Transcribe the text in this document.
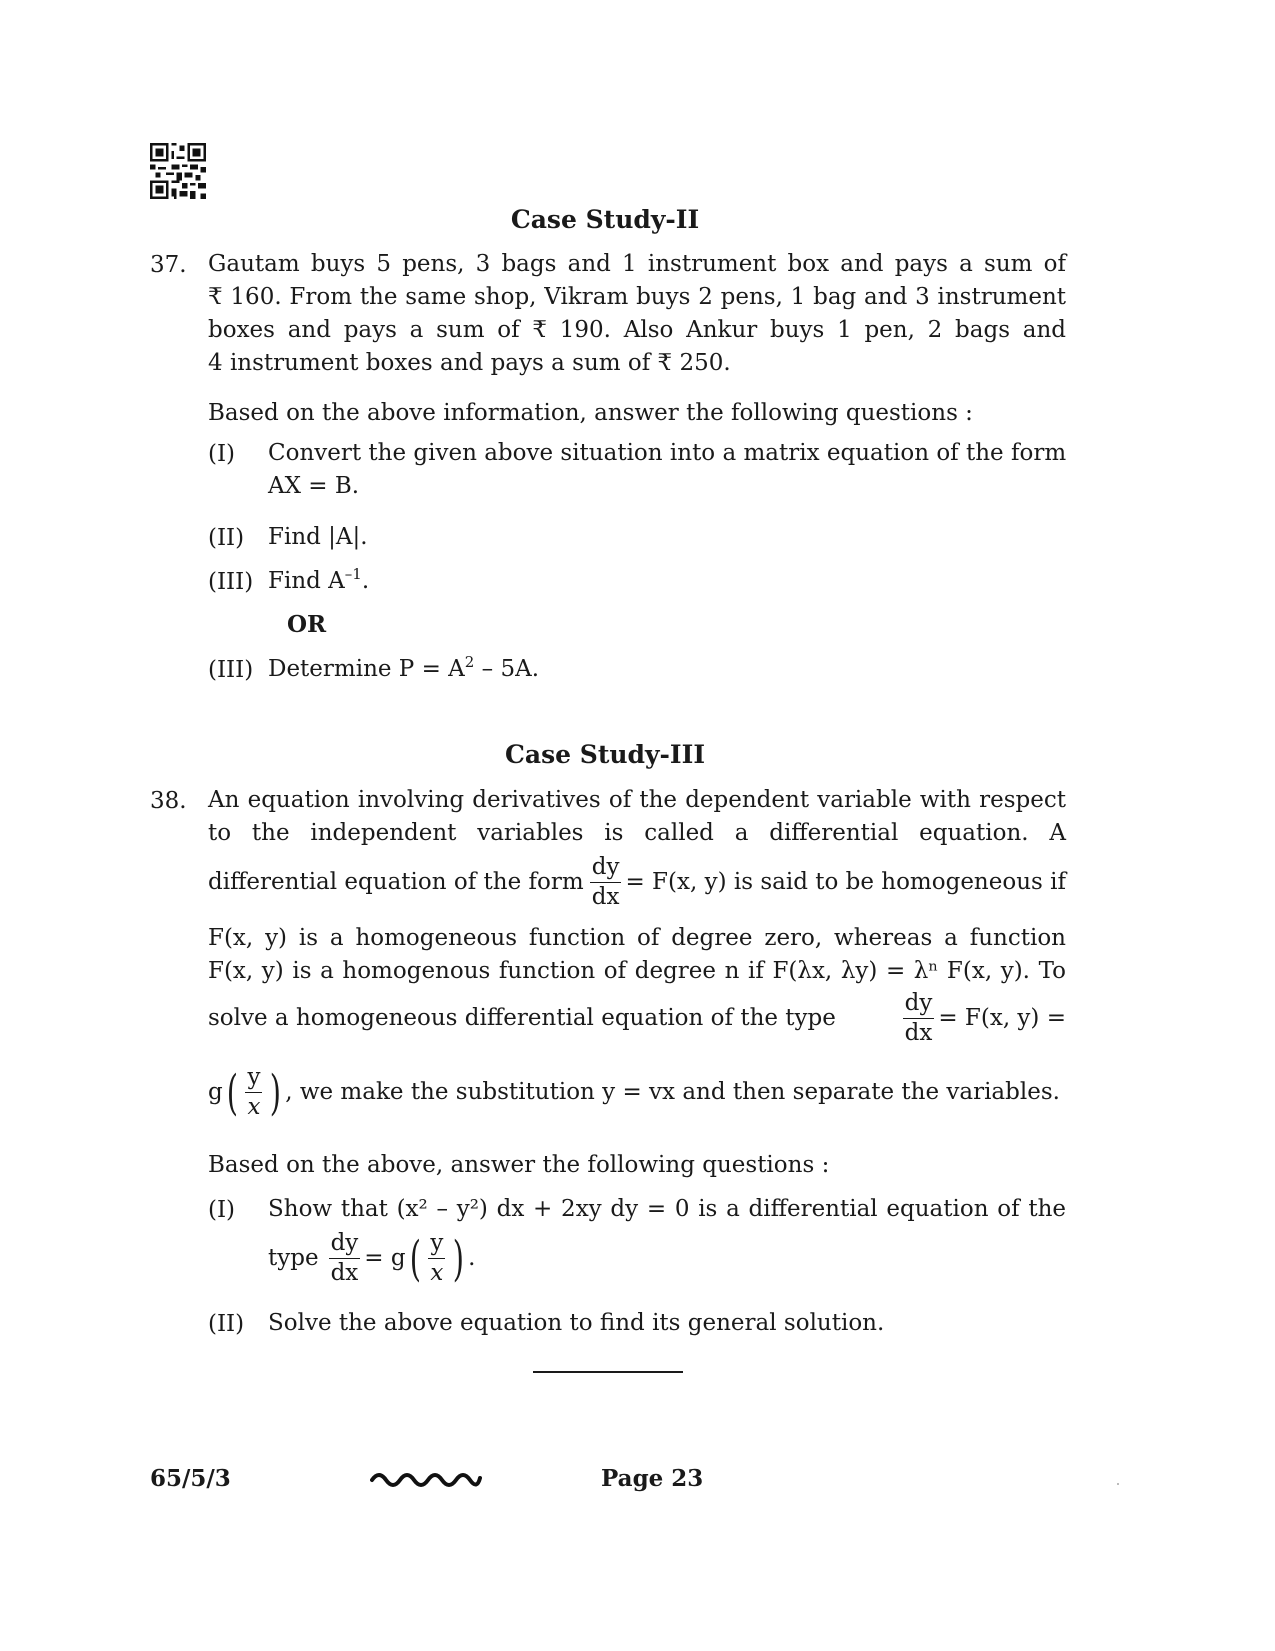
Case Study-II
37. Gautam buys 5 pens, 3 bags and 1 instrument box and pays a sum of
₹ 160. From the same shop, Vikram buys 2 pens, 1 bag and 3 instrument
boxes and pays a sum of ₹ 190. Also Ankur buys 1 pen, 2 bags and
4 instrument boxes and pays a sum of ₹ 250.
Based on the above information, answer the following questions :
(I) Convert the given above situation into a matrix equation of the form
AX = B.
(II) Find |A|.
(III) Find $A^{-1}$.
OR
(III) Determine $P = A^2 - 5A$.
Case Study-III
38. An equation involving derivatives of the dependent variable with respect
to the independent variables is called a differential equation. A
differential equation of the form $\frac{dy}{dx} = F(x$, y) is said to be homogeneous if
F(x, y) is a homogeneous function of degree zero, whereas a function
F(x, y) is a homogenous function of degree n if F(λx, λy) = λⁿ F(x, y). To
solve a homogeneous differential equation of the type	$\frac{dy}{dx} = F(x$, y) =
g ( $\frac{y}{x}$ ) , we make the substitution y = vx and then separate the variables.
Based on the above, answer the following questions :
(I) Show that (x² – y²) dx + 2xy dy = 0 is a differential equation of the
type $\frac{dy}{dx} = g$ ( $\frac{y}{x}$ ) .
(II) Solve the above equation to find its general solution.
65/5/3	Page 23
